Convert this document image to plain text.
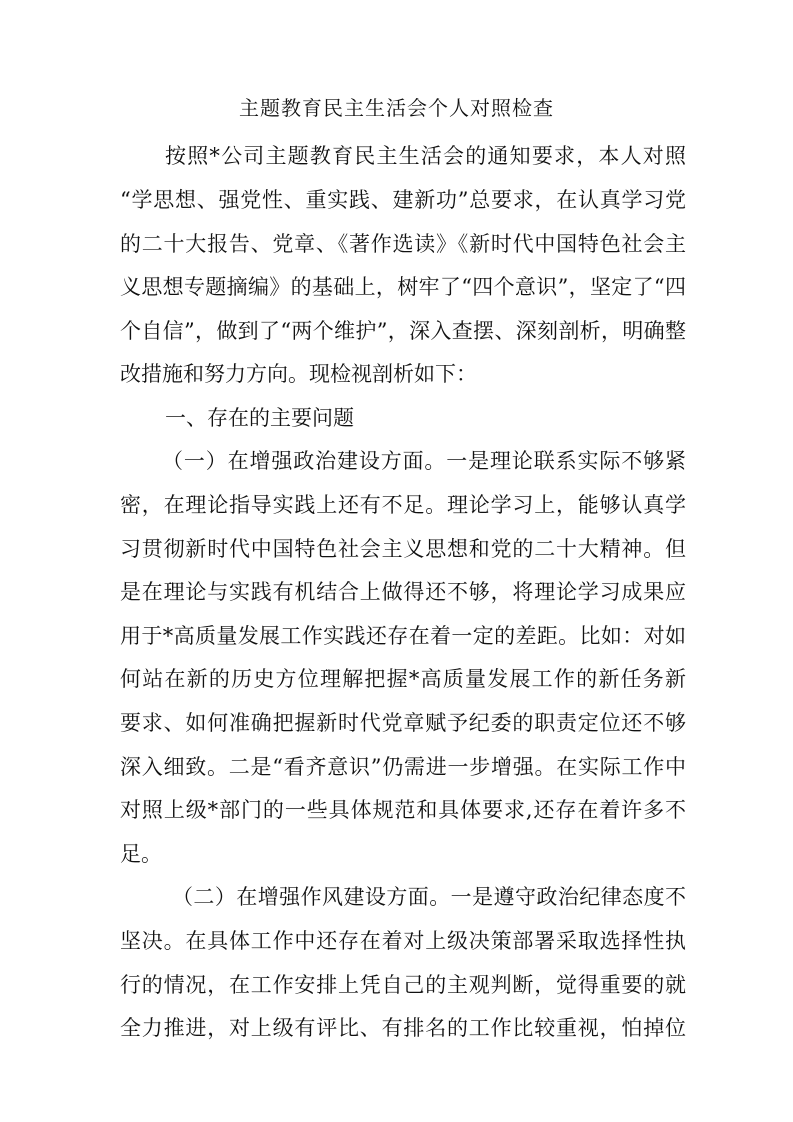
主题教育民主生活会个人对照检查
按照*公司主题教育民主生活会的通知要求，本人对照
“学思想、强党性、重实践、建新功”总要求，在认真学习党
的二十大报告、党章、《著作选读》《新时代中国特色社会主
义思想专题摘编》的基础上，树牢了“四个意识”，坚定了“四
个自信”，做到了“两个维护”，深入查摆、深刻剖析，明确整
改措施和努力方向。现检视剖析如下：
一、存在的主要问题
（一）在增强政治建设方面。一是理论联系实际不够紧
密，在理论指导实践上还有不足。理论学习上，能够认真学
习贯彻新时代中国特色社会主义思想和党的二十大精神。但
是在理论与实践有机结合上做得还不够，将理论学习成果应
用于*高质量发展工作实践还存在着一定的差距。比如：对如
何站在新的历史方位理解把握*高质量发展工作的新任务新
要求、如何准确把握新时代党章赋予纪委的职责定位还不够
深入细致。二是“看齐意识”仍需进一步增强。在实际工作中
对照上级*部门的一些具体规范和具体要求,还存在着许多不
足。
（二）在增强作风建设方面。一是遵守政治纪律态度不
坚决。在具体工作中还存在着对上级决策部署采取选择性执
行的情况，在工作安排上凭自己的主观判断，觉得重要的就
全力推进，对上级有评比、有排名的工作比较重视，怕掉位
